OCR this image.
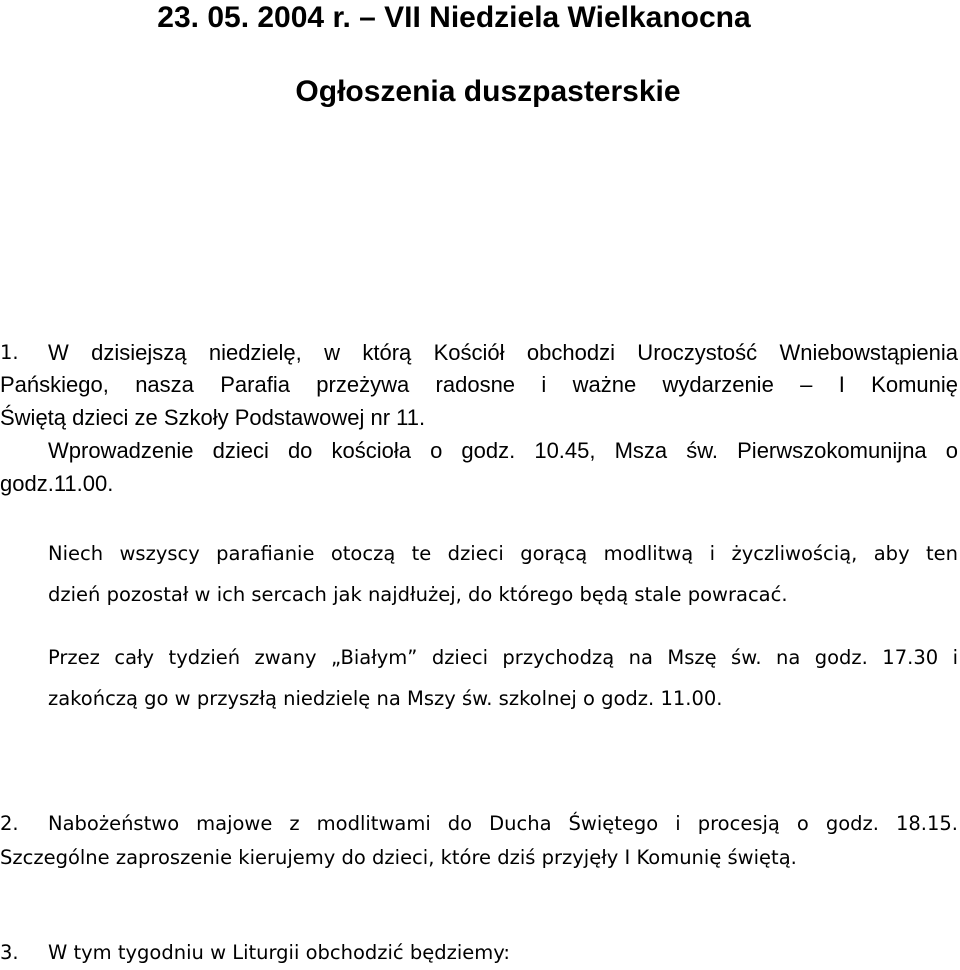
23. 05. 2004 r. – VII Niedziela Wielkanocna
Ogłoszenia duszpasterskie
1. W dzisiejszą niedzielę, w którą Kościół obchodzi Uroczystość Wniebowstąpienia
Pańskiego, nasza Parafia przeżywa radosne i ważne wydarzenie – I Komunię
Świętą dzieci ze Szkoły Podstawowej nr 11.
Wprowadzenie dzieci do kościoła o godz. 10.45, Msza św. Pierwszokomunijna o
godz.11.00.
Niech wszyscy parafianie otoczą te dzieci gorącą modlitwą i życzliwością, aby ten
dzień pozostał w ich sercach jak najdłużej, do którego będą stale powracać.
Przez cały tydzień zwany „Białym” dzieci przychodzą na Mszę św. na godz. 17.30 i
zakończą go w przyszłą niedzielę na Mszy św. szkolnej o godz. 11.00.
2. Nabożeństwo majowe z modlitwami do Ducha Świętego i procesją o godz. 18.15.
Szczególne zaproszenie kierujemy do dzieci, które dziś przyjęły I Komunię świętą.
3. W tym tygodniu w Liturgii obchodzić będziemy:
